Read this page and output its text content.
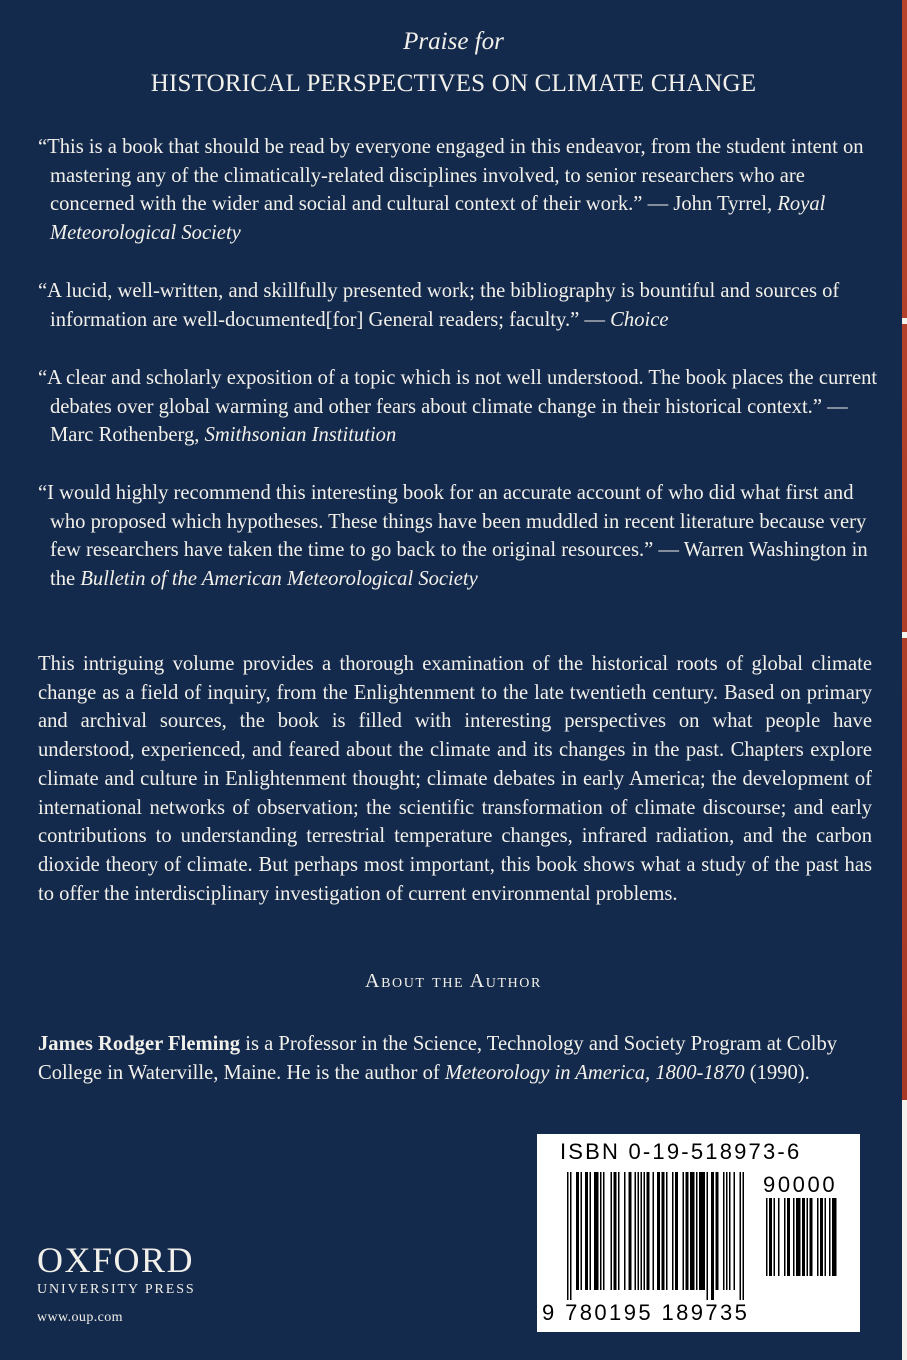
Praise for
HISTORICAL PERSPECTIVES ON CLIMATE CHANGE
“This is a book that should be read by everyone engaged in this endeavor, from the student intent on mastering any of the climatically-related disciplines involved, to senior researchers who are concerned with the wider and social and cultural context of their work.” — John Tyrrel, Royal Meteorological Society
“A lucid, well-written, and skillfully presented work; the bibliography is bountiful and sources of information are well-documented[for] General readers; faculty.” — Choice
“A clear and scholarly exposition of a topic which is not well understood. The book places the current debates over global warming and other fears about climate change in their historical context.” — Marc Rothenberg, Smithsonian Institution
“I would highly recommend this interesting book for an accurate account of who did what first and who proposed which hypotheses. These things have been muddled in recent literature because very few researchers have taken the time to go back to the original resources.” — Warren Washington in the Bulletin of the American Meteorological Society
This intriguing volume provides a thorough examination of the historical roots of global climate change as a field of inquiry, from the Enlightenment to the late twentieth century. Based on primary and archival sources, the book is filled with interesting perspectives on what people have understood, experienced, and feared about the climate and its changes in the past. Chapters explore climate and culture in Enlightenment thought; climate debates in early America; the development of international networks of observation; the scientific transformation of climate discourse; and early contributions to understanding terrestrial temperature changes, infrared radiation, and the carbon dioxide theory of climate. But perhaps most important, this book shows what a study of the past has to offer the interdisciplinary investigation of current environmental problems.
About the Author
James Rodger Fleming is a Professor in the Science, Technology and Society Program at Colby College in Waterville, Maine. He is the author of Meteorology in America, 1800-1870 (1990).
ISBN 0-19-518973-6
90000
9 780195 189735
OXFORD
UNIVERSITY PRESS
www.oup.com
